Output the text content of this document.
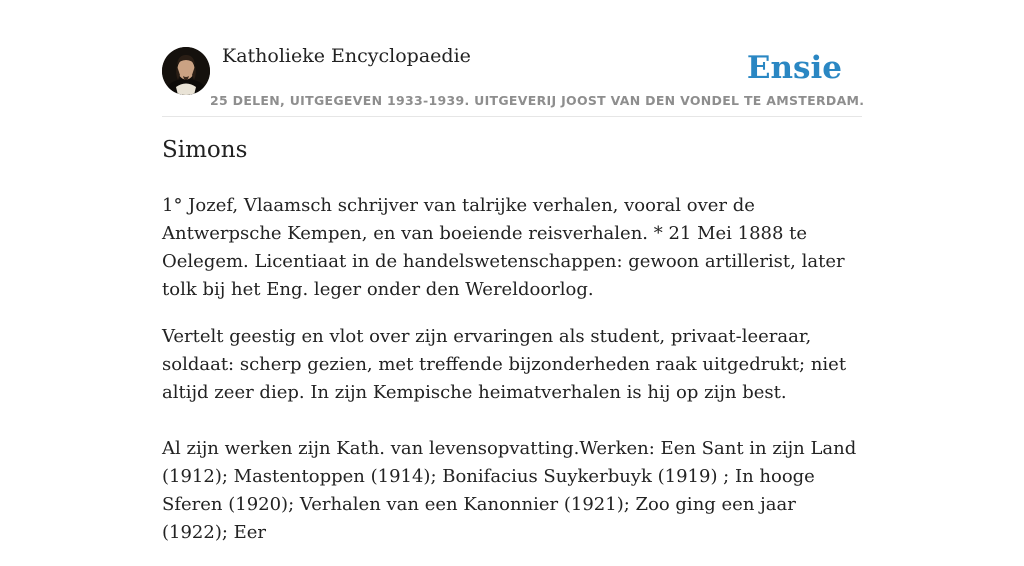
Katholieke Encyclopaedie
25 DELEN, UITGEGEVEN 1933-1939. UITGEVERIJ JOOST VAN DEN VONDEL TE AMSTERDAM.
Ensie
Simons

1° Jozef, Vlaamsch schrijver van talrijke verhalen, vooral over de Antwerpsche Kempen, en van boeiende reisverhalen. * 21 Mei 1888 te Oelegem. Licentiaat in de handelswetenschappen: gewoon artillerist, later tolk bij het Eng. leger onder den Wereldoorlog.

Vertelt geestig en vlot over zijn ervaringen als student, privaat-leeraar, soldaat: scherp gezien, met treffende bijzonderheden raak uitgedrukt; niet altijd zeer diep. In zijn Kempische heimatverhalen is hij op zijn best.

Al zijn werken zijn Kath. van levensopvatting.Werken: Een Sant in zijn Land (1912); Mastentoppen (1914); Bonifacius Suykerbuyk (1919) ; In hooge Sferen (1920); Verhalen van een Kanonnier (1921); Zoo ging een jaar (1922); Eer
